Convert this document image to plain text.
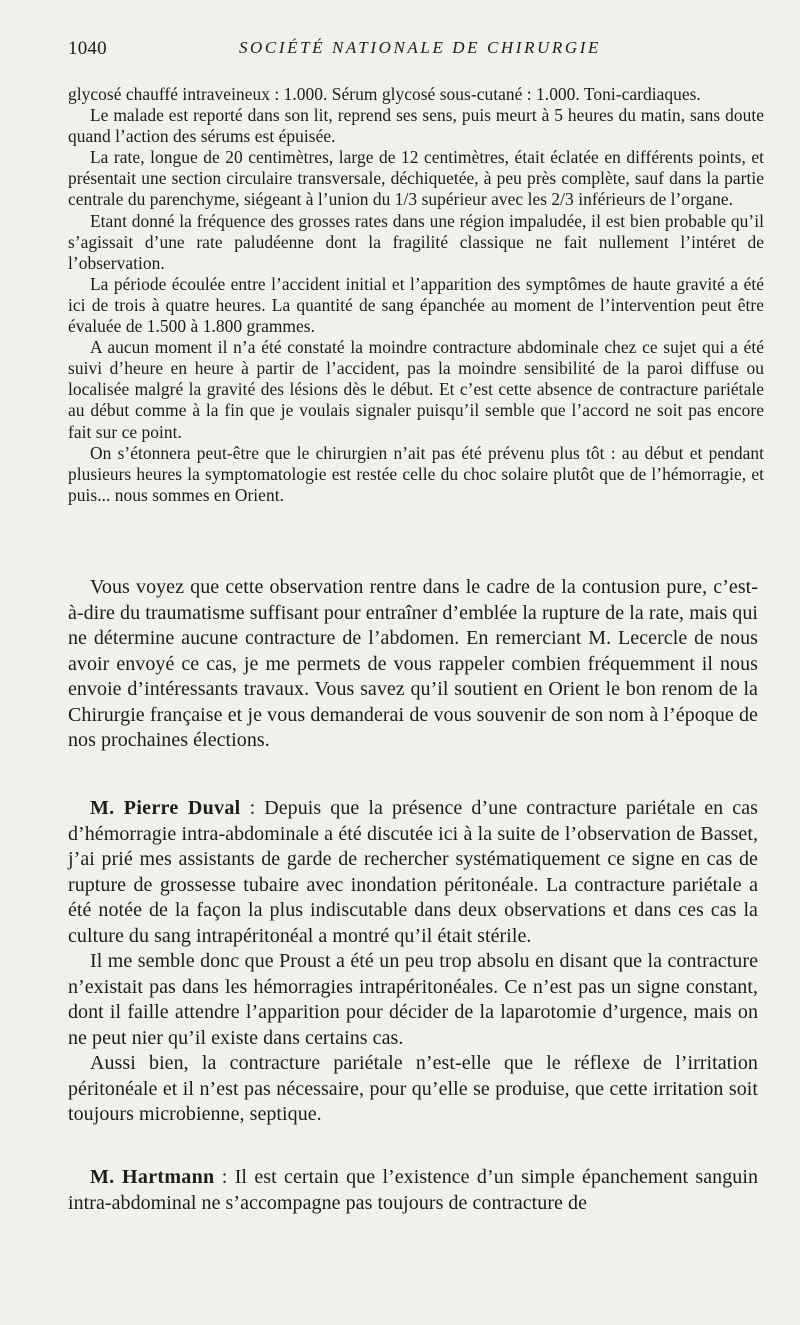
1040	SOCIÉTÉ NATIONALE DE CHIRURGIE

glycosé chauffé intraveineux : 1.000. Sérum glycosé sous-cutané : 1.000. Toni-cardiaques.

Le malade est reporté dans son lit, reprend ses sens, puis meurt à 5 heures du matin, sans doute quand l’action des sérums est épuisée.

La rate, longue de 20 centimètres, large de 12 centimètres, était éclatée en différents points, et présentait une section circulaire transversale, déchiquetée, à peu près complète, sauf dans la partie centrale du parenchyme, siégeant à l’union du 1/3 supérieur avec les 2/3 inférieurs de l’organe.

Etant donné la fréquence des grosses rates dans une région impaludée, il est bien probable qu’il s’agissait d’une rate paludéenne dont la fragilité classique ne fait nullement l’intéret de l’observation.

La période écoulée entre l’accident initial et l’apparition des symptômes de haute gravité a été ici de trois à quatre heures. La quantité de sang épanchée au moment de l’intervention peut être évaluée de 1.500 à 1.800 grammes.

A aucun moment il n’a été constaté la moindre contracture abdominale chez ce sujet qui a été suivi d’heure en heure à partir de l’accident, pas la moindre sensibilité de la paroi diffuse ou localisée malgré la gravité des lésions dès le début. Et c’est cette absence de contracture pariétale au début comme à la fin que je voulais signaler puisqu’il semble que l’accord ne soit pas encore fait sur ce point.

On s’étonnera peut-être que le chirurgien n’ait pas été prévenu plus tôt : au début et pendant plusieurs heures la symptomatologie est restée celle du choc solaire plutôt que de l’hémorragie, et puis... nous sommes en Orient.

Vous voyez que cette observation rentre dans le cadre de la contusion pure, c’est-à-dire du traumatisme suffisant pour entraîner d’emblée la rupture de la rate, mais qui ne détermine aucune contracture de l’abdomen. En remerciant M. Lecercle de nous avoir envoyé ce cas, je me permets de vous rappeler combien fréquemment il nous envoie d’intéressants travaux. Vous savez qu’il soutient en Orient le bon renom de la Chirurgie française et je vous demanderai de vous souvenir de son nom à l’époque de nos prochaines élections.

M. Pierre Duval : Depuis que la présence d’une contracture pariétale en cas d’hémorragie intra-abdominale a été discutée ici à la suite de l’observation de Basset, j’ai prié mes assistants de garde de rechercher systématiquement ce signe en cas de rupture de grossesse tubaire avec inondation péritonéale. La contracture pariétale a été notée de la façon la plus indiscutable dans deux observations et dans ces cas la culture du sang intrapéritonéal a montré qu’il était stérile.

Il me semble donc que Proust a été un peu trop absolu en disant que la contracture n’existait pas dans les hémorragies intrapéritonéales. Ce n’est pas un signe constant, dont il faille attendre l’apparition pour décider de la laparotomie d’urgence, mais on ne peut nier qu’il existe dans certains cas.

Aussi bien, la contracture pariétale n’est-elle que le réflexe de l’irritation péritonéale et il n’est pas nécessaire, pour qu’elle se produise, que cette irritation soit toujours microbienne, septique.

M. Hartmann : Il est certain que l’existence d’un simple épanchement sanguin intra-abdominal ne s’accompagne pas toujours de contracture de
